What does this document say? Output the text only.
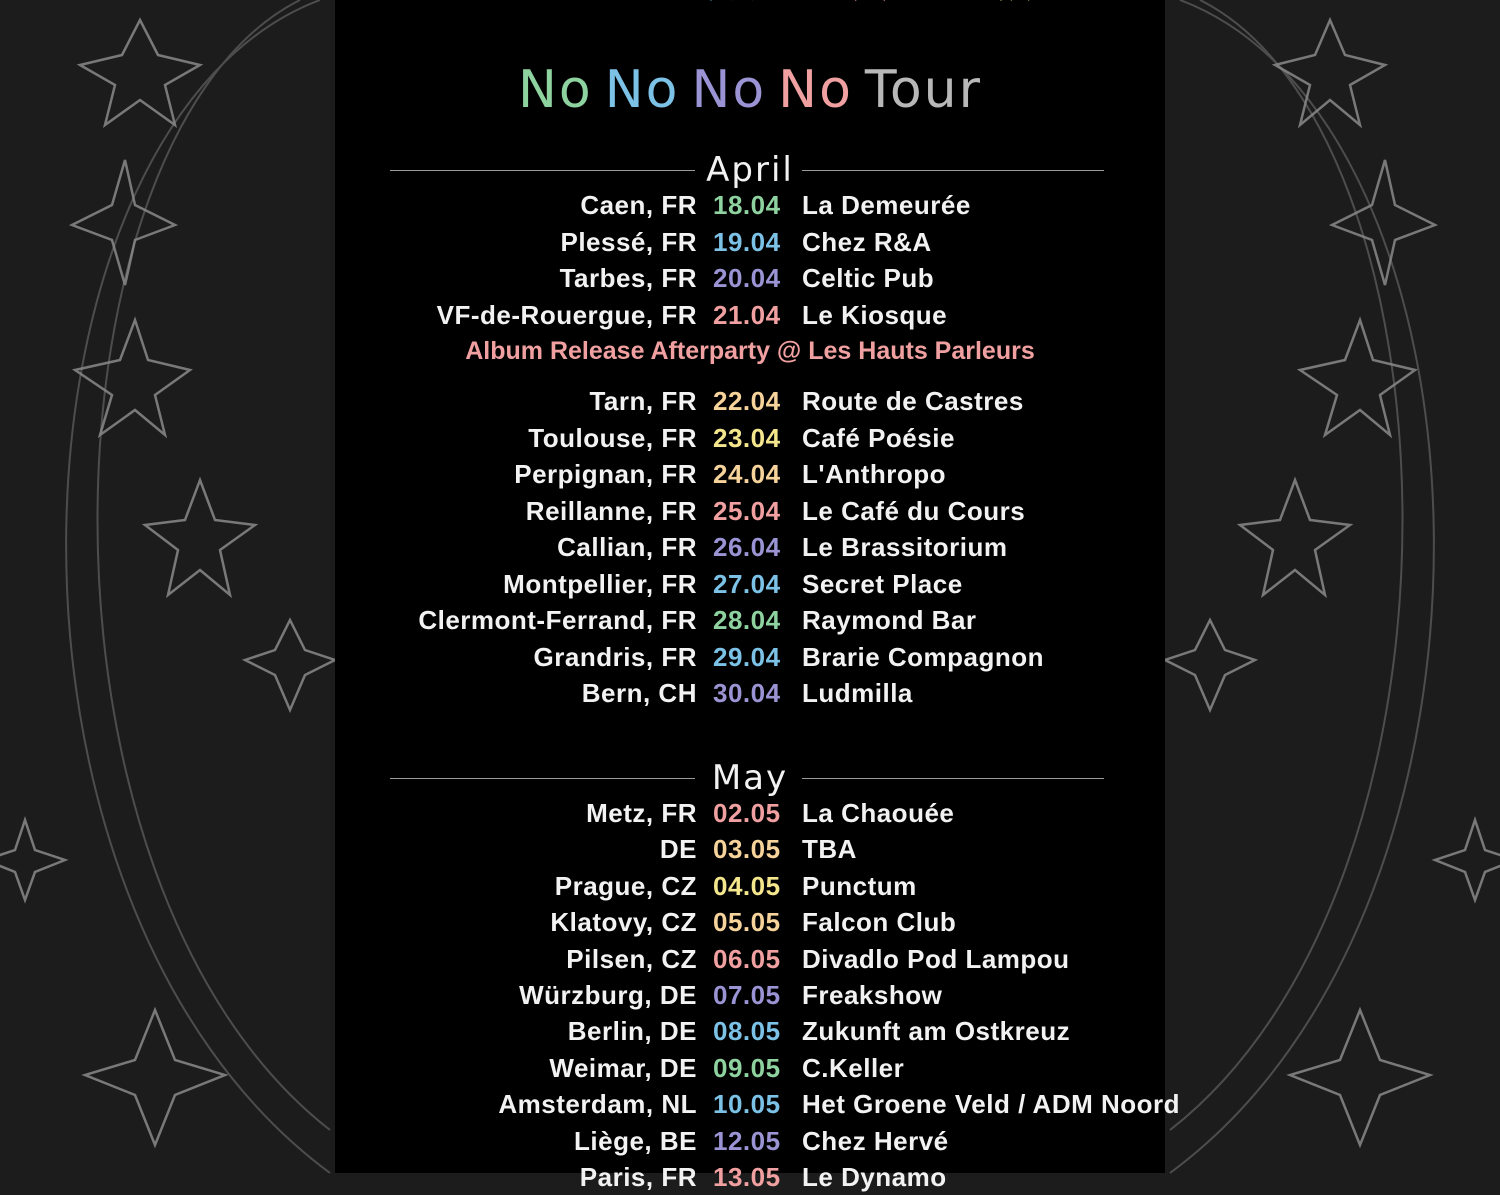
No No No No Tour
April
Caen, FR 18.04 La Demeurée
Plessé, FR 19.04 Chez R&A
Tarbes, FR 20.04 Celtic Pub
VF-de-Rouergue, FR 21.04 Le Kiosque
Album Release Afterparty @ Les Hauts Parleurs
Tarn, FR 22.04 Route de Castres
Toulouse, FR 23.04 Café Poésie
Perpignan, FR 24.04 L'Anthropo
Reillanne, FR 25.04 Le Café du Cours
Callian, FR 26.04 Le Brassitorium
Montpellier, FR 27.04 Secret Place
Clermont-Ferrand, FR 28.04 Raymond Bar
Grandris, FR 29.04 Brarie Compagnon
Bern, CH 30.04 Ludmilla
May
Metz, FR 02.05 La Chaouée
DE 03.05 TBA
Prague, CZ 04.05 Punctum
Klatovy, CZ 05.05 Falcon Club
Pilsen, CZ 06.05 Divadlo Pod Lampou
Würzburg, DE 07.05 Freakshow
Berlin, DE 08.05 Zukunft am Ostkreuz
Weimar, DE 09.05 C.Keller
Amsterdam, NL 10.05 Het Groene Veld / ADM Noord
Liège, BE 12.05 Chez Hervé
Paris, FR 13.05 Le Dynamo
